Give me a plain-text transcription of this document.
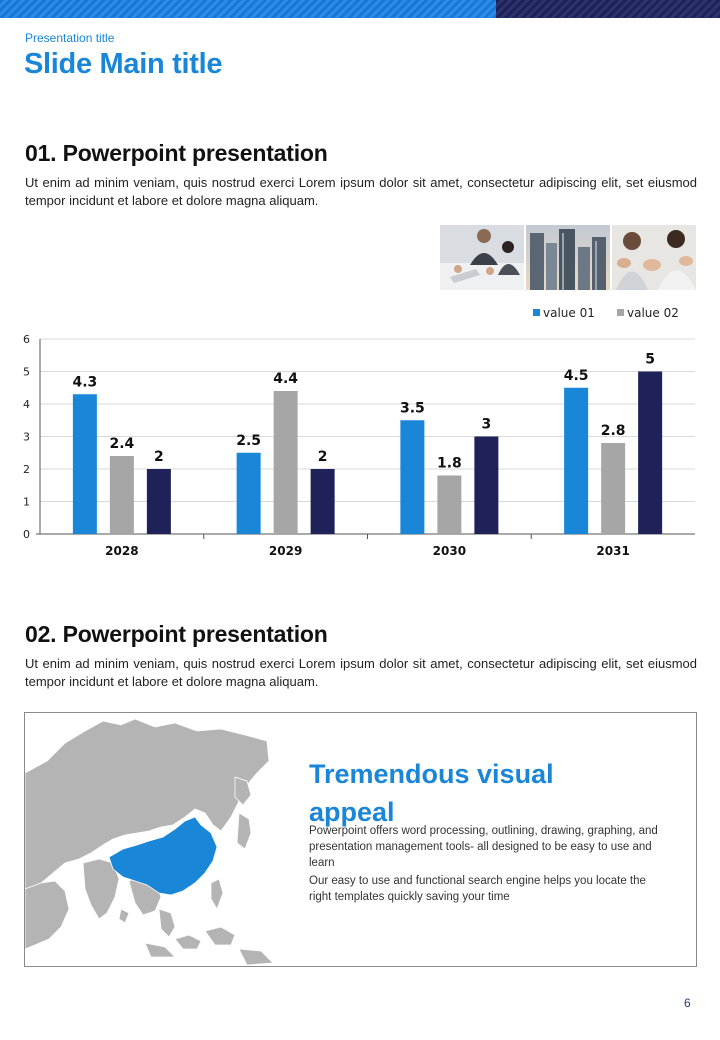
Presentation title
Slide Main title
01. Powerpoint presentation
Ut enim ad minim veniam, quis nostrud exerci Lorem ipsum dolor sit amet, consectetur adipiscing elit, set eiusmod tempor incidunt et labore et dolore magna aliquam.
0
1
2
3
4
5
6
4.3
2.4
2
2028
2.5
4.4
2
2029
3.5
1.8
3
2030
4.5
2.8
5
2031
value 01	value 02
02. Powerpoint presentation
Ut enim ad minim veniam, quis nostrud exerci Lorem ipsum dolor sit amet, consectetur adipiscing elit, set eiusmod tempor incidunt et labore et dolore magna aliquam.
Tremendous visual appeal
Powerpoint offers word processing, outlining, drawing, graphing, and presentation management tools- all designed to be easy to use and learn
Our easy to use and functional search engine helps you locate the right templates quickly saving your time
6
